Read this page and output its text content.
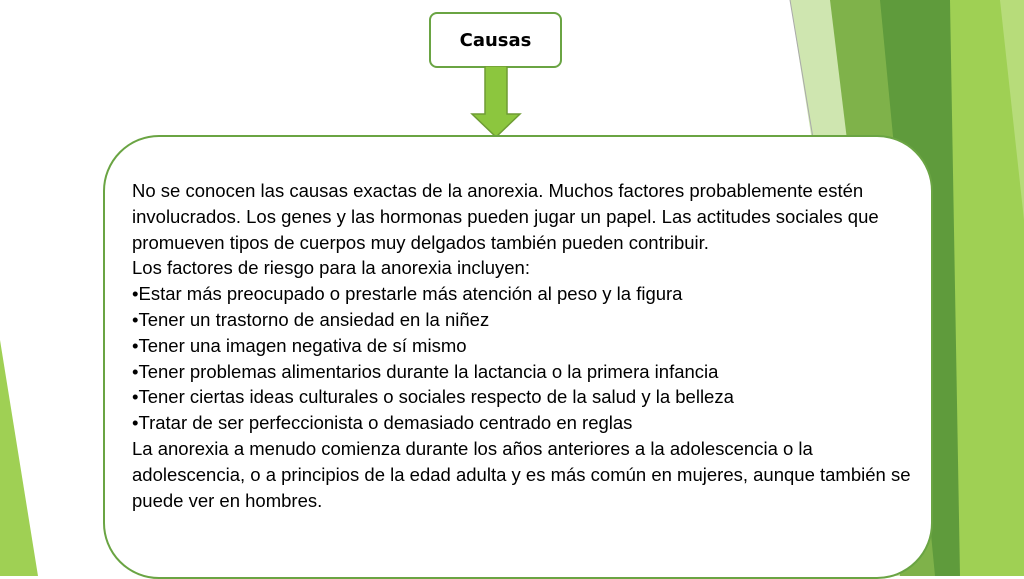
Causas

No se conocen las causas exactas de la anorexia. Muchos factores probablemente estén involucrados. Los genes y las hormonas pueden jugar un papel. Las actitudes sociales que promueven tipos de cuerpos muy delgados también pueden contribuir.

Los factores de riesgo para la anorexia incluyen:

•Estar más preocupado o prestarle más atención al peso y la figura

•Tener un trastorno de ansiedad en la niñez

•Tener una imagen negativa de sí mismo

•Tener problemas alimentarios durante la lactancia o la primera infancia

•Tener ciertas ideas culturales o sociales respecto de la salud y la belleza

•Tratar de ser perfeccionista o demasiado centrado en reglas

La anorexia a menudo comienza durante los años anteriores a la adolescencia o la adolescencia, o a principios de la edad adulta y es más común en mujeres, aunque también se puede ver en hombres.
